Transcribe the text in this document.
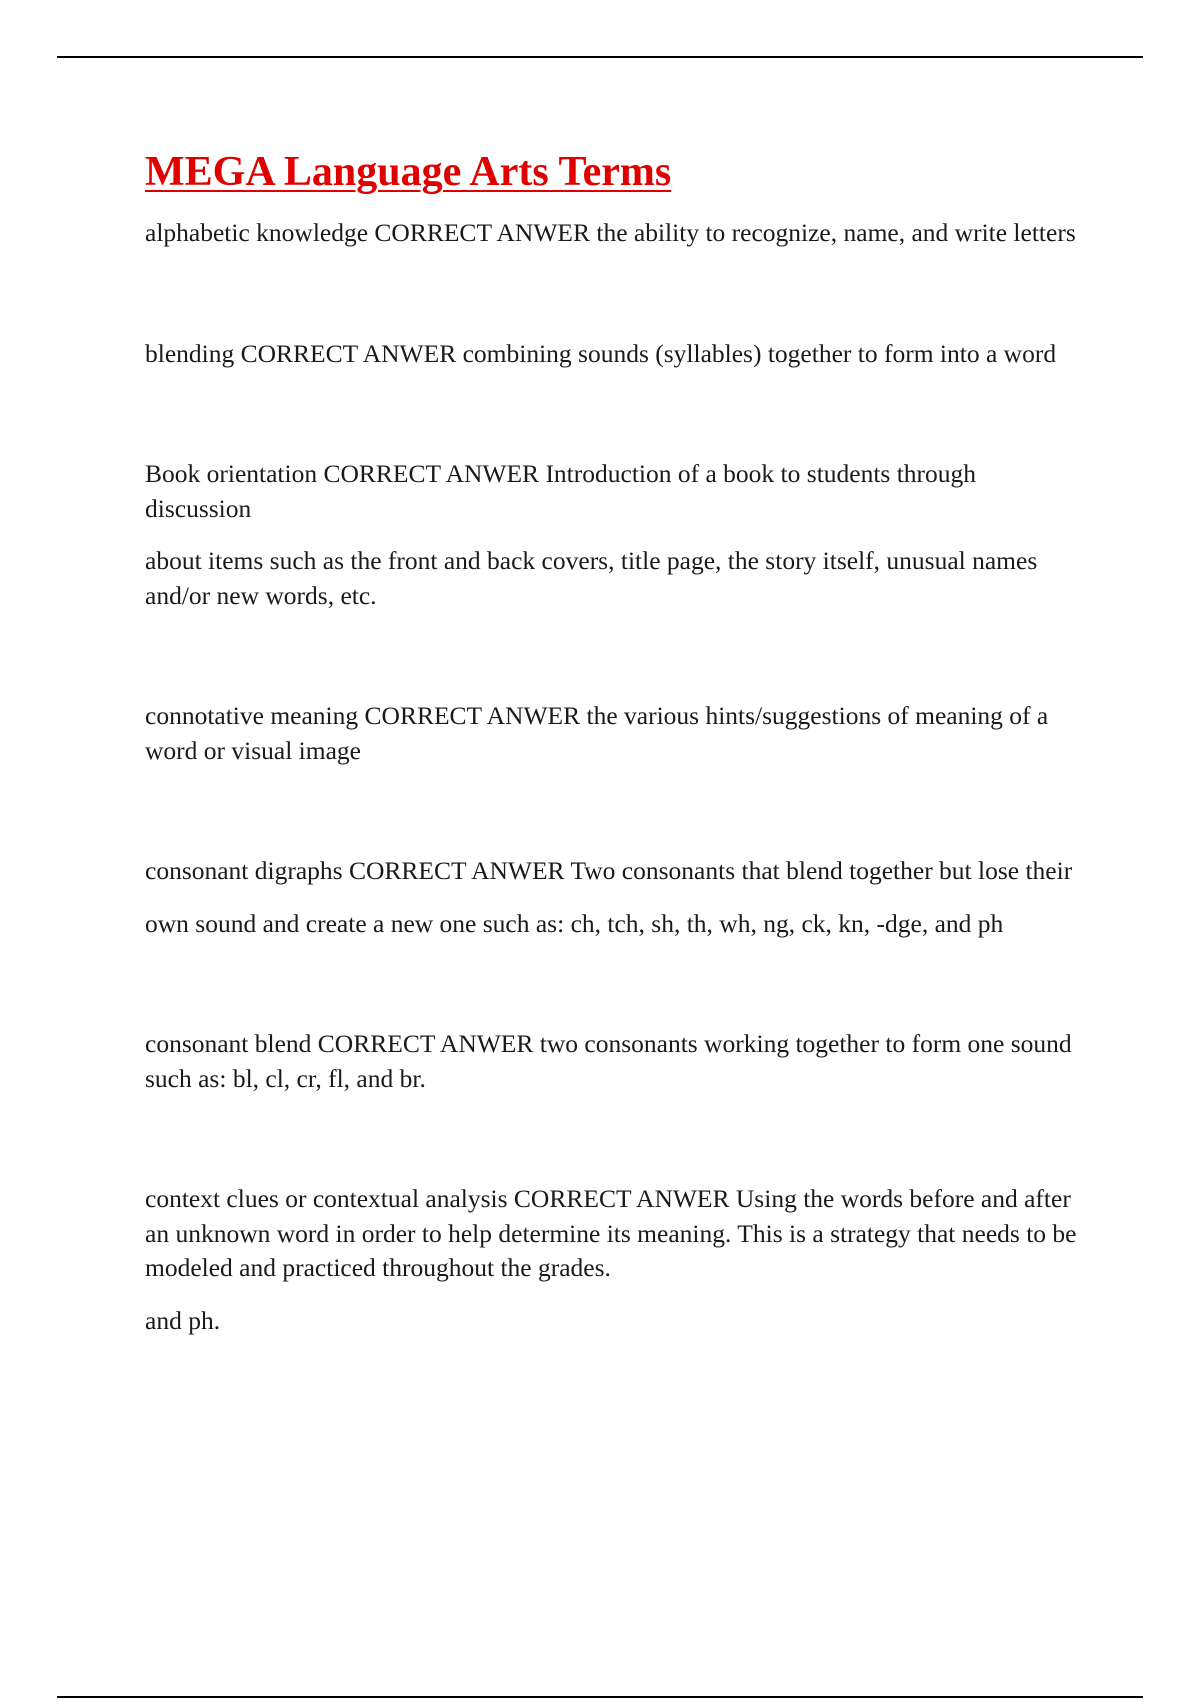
MEGA Language Arts Terms

alphabetic knowledge CORRECT ANWER the ability to recognize, name, and write letters

blending CORRECT ANWER combining sounds (syllables) together to form into a word

Book orientation CORRECT ANWER Introduction of a book to students through discussion

about items such as the front and back covers, title page, the story itself, unusual names and/or new words, etc.

connotative meaning CORRECT ANWER the various hints/suggestions of meaning of a word or visual image

consonant digraphs CORRECT ANWER Two consonants that blend together but lose their

own sound and create a new one such as: ch, tch, sh, th, wh, ng, ck, kn, -dge, and ph

consonant blend CORRECT ANWER two consonants working together to form one sound such as: bl, cl, cr, fl, and br.

context clues or contextual analysis CORRECT ANWER Using the words before and after an unknown word in order to help determine its meaning. This is a strategy that needs to be modeled and practiced throughout the grades.

and ph.
